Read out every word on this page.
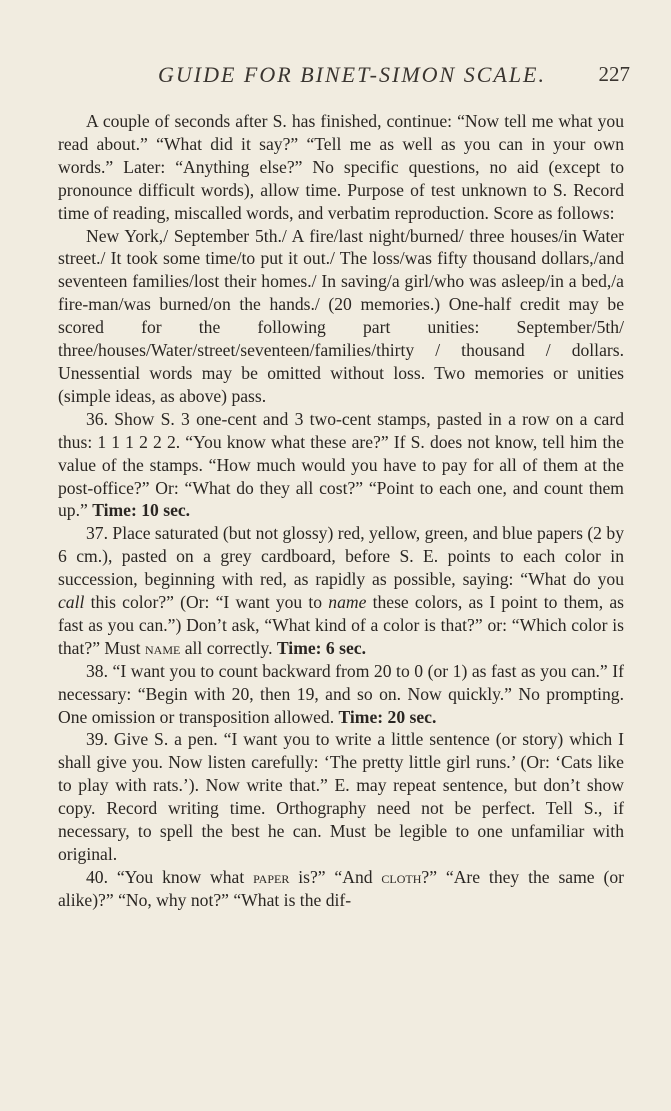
GUIDE FOR BINET-SIMON SCALE.	227

A couple of seconds after S. has finished, continue: “Now tell me what you read about.” “What did it say?” “Tell me as well as you can in your own words.” Later: “Anything else?” No specific questions, no aid (except to pronounce difficult words), allow time. Purpose of test unknown to S. Record time of reading, miscalled words, and verbatim reproduction. Score as follows:

New York,/ September 5th./ A fire/last night/burned/ three houses/in Water street./ It took some time/to put it out./ The loss/was fifty thousand dollars,/and seventeen families/lost their homes./ In saving/a girl/who was asleep/in a bed,/a fire-man/was burned/on the hands./ (20 memories.) One-half credit may be scored for the following part unities: September/5th/ three/houses/Water/street/seventeen/families/thirty / thousand / dollars. Unessential words may be omitted without loss. Two memories or unities (simple ideas, as above) pass.

36. Show S. 3 one-cent and 3 two-cent stamps, pasted in a row on a card thus: 1 1 1 2 2 2. “You know what these are?” If S. does not know, tell him the value of the stamps. “How much would you have to pay for all of them at the post-office?” Or: “What do they all cost?” “Point to each one, and count them up.” Time: 10 sec.

37. Place saturated (but not glossy) red, yellow, green, and blue papers (2 by 6 cm.), pasted on a grey cardboard, before S. E. points to each color in succession, beginning with red, as rapidly as possible, saying: “What do you call this color?” (Or: “I want you to name these colors, as I point to them, as fast as you can.”) Don’t ask, “What kind of a color is that?” or: “Which color is that?” Must name all correctly. Time: 6 sec.

38. “I want you to count backward from 20 to 0 (or 1) as fast as you can.” If necessary: “Begin with 20, then 19, and so on. Now quickly.” No prompting. One omission or transposition allowed. Time: 20 sec.

39. Give S. a pen. “I want you to write a little sentence (or story) which I shall give you. Now listen carefully: ‘The pretty little girl runs.’ (Or: ‘Cats like to play with rats.’). Now write that.” E. may repeat sentence, but don’t show copy. Record writing time. Orthography need not be perfect. Tell S., if necessary, to spell the best he can. Must be legible to one unfamiliar with original.

40. “You know what paper is?” “And cloth?” “Are they the same (or alike)?” “No, why not?” “What is the dif-
